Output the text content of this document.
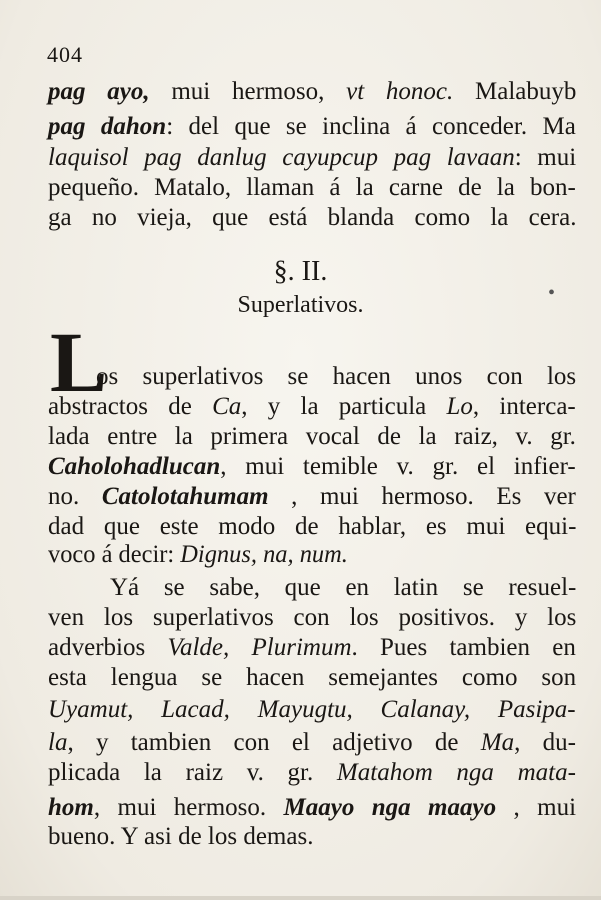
404
pag ayo, mui hermoso, vt honoc. Malabuyb
pag dahon: del que se inclina á conceder. Ma
laquisol pag danlug cayupcup pag lavaan: mui
pequeño. Matalo, llaman á la carne de la bon-
ga no vieja, que está blanda como la cera.
§. II.
Superlativos.	•
L
os superlativos se hacen unos con los
abstractos de Ca, y la particula Lo, interca-
lada entre la primera vocal de la raiz, v. gr.
Caholohadlucan, mui temible v. gr. el infier-
no. Catolotahumam , mui hermoso. Es ver
dad que este modo de hablar, es mui equi-
voco á decir: Dignus, na, num.
Yá se sabe, que en latin se resuel-
ven los superlativos con los positivos. y los
adverbios Valde, Plurimum. Pues tambien en
esta lengua se hacen semejantes como son
Uyamut, Lacad, Mayugtu, Calanay, Pasipa-
la, y tambien con el adjetivo de Ma, du-
plicada la raiz v. gr. Matahom nga mata-
hom, mui hermoso. Maayo nga maayo , mui
bueno. Y asi de los demas.
